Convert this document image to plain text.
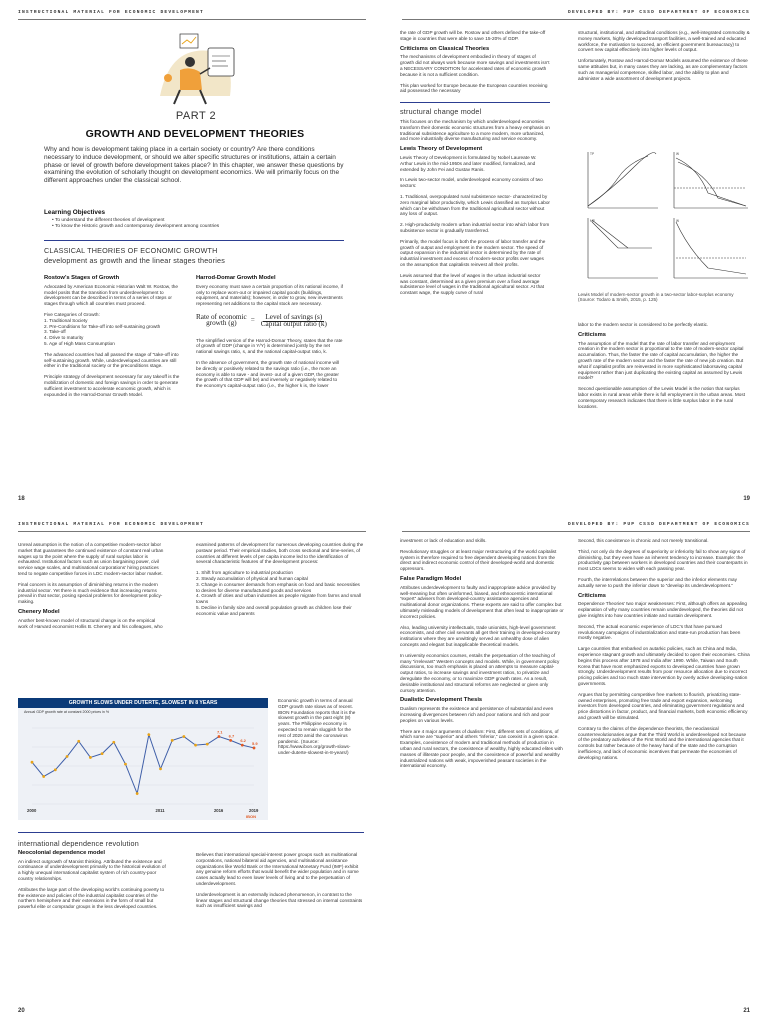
INSTRUCTIONAL MATERIAL FOR ECONOMIC DEVELOPMENT
PART 2
GROWTH AND DEVELOPMENT THEORIES
Why and how is development taking place in a certain society or country? Are there conditions necessary to induce development, or should we alter specific structures or institutions, attain a certain phase or level of growth before development takes place? In this chapter, we answer these questions by examining the evolution of scholarly thought on development economics. We will primarily focus on the different approaches under the classical school.
Learning Objectives
• To understand the different theories of development
• To know the Historic growth and contemporary development among countries
CLASSICAL THEORIES OF ECONOMIC GROWTH
development as growth and the linear stages theories
Rostow’s Stages of Growth

Advocated by American Economic Historian Walt W. Rostow, the model posits that the transition from underdevelopment to development can be described in terms of a series of steps or stages through which all countries must proceed.

Five Categories of Growth:
1. Traditional Society
2. Pre-Conditions for Take-off into self-sustaining growth
3. Take-off
4. Drive to maturity
5. Age of High Mass Consumption

The advanced countries had all passed the stage of “take-off into self-sustaining growth. While, underdeveloped countries are still either in the traditional society or the preconditions stage.

Principle strategy of development necessary for any takeoff is the mobilization of domestic and foreign savings in order to generate sufficient investment to accelerate economic growth, which is expounded in the Harrod-Domar Growth Model.

Harrod-Domar Growth Model

Every economy must save a certain proportion of its national income, if only to replace worn-out or impaired capital goods (buildings, equipment, and materials); however, in order to grow, new investments representing net additions to the capital stock are necessary.

Rate of economic
growth $(g) = \frac{\text{Level of savings (s)}}{\text{Capital output ratio (k)}}$

The simplified version of the Harrod-Domar Theory, states that the rate of growth of GDP (change in Y/Y) is determined jointly by the net national savings ratio, s, and the national capital-output ratio, k.

In the absence of government, the growth rate of national income will be directly or positively related to the savings ratio (i.e., the more an economy is able to save - and invest- out of a given GDP, the greater the growth of that GDP will be) and inversely or negatively related to the economy’s capital-output ratio (i.e., the higher k is, the lower

18
DEVELOPED BY: PUP CSSD DEPARTMENT OF ECONOMICS

the rate of GDP growth will be. Rostow and others defined the take-off stage in countries that were able to save 15-20% of GDP.

Criticisms on Classical Theories

The mechanisms of development embodied in theory of stages of growth did not always work because more savings and investments isn’t a NECESSARY CONDITION for accelerated rates of economic growth because it is not a sufficient condition.

This plan worked for Europe because the European countries receiving aid possessed the necessary

structural change model

This focuses on the mechanism by which underdeveloped economies transform their domestic economic structures from a heavy emphasis on traditional subsistence agriculture to a more modern, more urbanized, and more industrially diverse manufacturing and service economy.

Lewis Theory of Development

Lewis Theory of Development is formulated by Nobel Laureate W. Arthur Lewis in the mid-1950s and later modified, formalized, and extended by John Fei and Gustav Ranis.

In Lewis two-sector model, underdeveloped economy consists of two sectors:

1. Traditional, overpopulated rural subsistence sector- characterized by zero marginal labor productivity, which Lewis classified as Surplus Labor which can be withdrawn from the traditional agricultural sector without any loss of output.

2. High-productivity modern urban industrial sector into which labor from subsistence sector is gradually transferred.

Primarily, the model focus is both the process of labor transfer and the growth of output and employment in the modern sector. The speed of output expansion in the industrial sector is determined by the rate of industrial investment and excess of modern-sector profits over wages on the assumption that capitalists reinvest all their profits.

Lewis assumed that the level of wages in the urban industrial sector was constant, determined as a given premium over a fixed average subsistence level of wages in the traditional agricultural sector. At that constant wage, the supply curve of rural

structural, institutional, and attitudinal conditions (e.g., well-integrated commodity & money markets, highly developed transport facilities, a well-trained and educated workforce, the motivation to succeed, an efficient government bureaucracy) to convert new capital effectively into higher levels of output.

Unfortunately, Rostow and Harrod-Domar Models assumed the existence of these same attitudes but, in many cases they are lacking, as are complementary factors such as managerial competence, skilled labor, and the ability to plan and administer a wide assortment of development projects.

TP	W
MP	W
Lewis Model of modern-sector growth in a two-sector labor-surplus economy (Source: Todaro & Smith, 2015, p. 125)

labor to the modern sector is considered to be perfectly elastic.

Criticisms

The assumption of the model that the rate of labor transfer and employment creation in the modern sector is proportional to the rate of modern-sector capital accumulation. Thus, the faster the rate of capital accumulation, the higher the growth rate of the modern sector and the faster the rate of new job creation. But what if capitalist profits are reinvested in more sophisticated laborsaving capital equipment rather than just duplicating the existing capital as assumed by Lewis model?

Second questionable assumption of the Lewis Model is the notion that surplus labor exists in rural areas while there is full employment in the urban areas. Most contemporary research indicates that there is little surplus labor in the rural locations.

19
INSTRUCTIONAL MATERIAL FOR ECONOMIC DEVELOPMENT

Unreal assumption is the notion of a competitive modern-sector labor market that guarantees the continued existence of constant real urban wages up to the point where the supply of rural surplus labor is exhausted. Institutional factors such as union bargaining power, civil service wage scales, and multinational corporations’ hiring practices tend to negate competitive forces in LDC modern-sector labor market.

Final concern is its assumption of diminishing returns in the modern industrial sector. Yet there is much evidence that increasing returns prevail in that sector, posing special problems for development policy-making.

Chenery Model

Another best-known model of structural change is on the empirical work of Harvard economist Hollis B. Chenery and his colleagues, who

examined patterns of development for numerous developing countries during the postwar period. Their empirical studies, both cross sectional and time-series, of countries at different levels of per capita income led to the identification of several characteristic features of the development process:

1. Shift from agriculture to industrial production
2. Steady accumulation of physical and human capital
3. Change in consumer demands from emphasis on food and basic necessities to desires for diverse manufactured goods and services
4. Growth of cities and urban industries as people migrate from farms and small towns
5. Decline in family size and overall population growth as children lose their economic value and parents
GROWTH SLOWS UNDER DUTERTE, SLOWEST IN 8 YEARS
Annual GDP growth rate at constant 2000 prices in %
2000	2011
7.1
2016
6.7
6.2
5.9
2019
IBON
Economic growth in terms of annual GDP growth rate slows as of recent. IBON Foundation reports that it is the slowest growth in the past eight (8) years. The Philippine economy is expected to remain sluggish for the rest of 2020 amid the coronavirus pandemic. (Source: https://www.ibon.org/growth-slows-under-duterte-slowest-in-8-years/)
international dependence revolution
Neocolonial dependence model

An indirect outgrowth of Marxist thinking. Attributed the existence and continuance of underdevelopment primarily to the historical evolution of a highly unequal international capitalist system of rich country-poor country relationships.

Attributes the large part of the developing world’s continuing poverty to the existence and policies of the industrial capitalist countries of the northern hemisphere and their extensions in the form of small but powerful elite or comprador groups in the less developed countries.

Believes that international special-interest power groups such as multinational corporations, national bilateral aid agencies, and multinational assistance organizations like World Bank or the International Monetary Fund (IMF) exhibit any genuine reform efforts that would benefit the wider population and in some cases actually lead to even lower levels of living and to the perpetuation of underdevelopment.

Underdevelopment is an externally induced phenomenon, in contrast to the linear stages and structural change theories that stressed on internal constraints such as insufficient savings and

20
DEVELOPED BY: PUP CSSD DEPARTMENT OF ECONOMICS

investment or lack of education and skills.

Revolutionary struggles or at least major restructuring of the world capitalist system is therefore required to free dependent developing nations from the direct and indirect economic control of their developed-world and domestic oppressors.

False Paradigm Model

Attributes underdevelopment to faulty and inappropriate advice provided by well-meaning but often uninformed, biased, and ethnocentric international “expert” advisers from developed-country assistance agencies and multinational donor organizations. These experts are said to offer complex but ultimately misleading models of development that often lead to inappropriate or incorrect policies.

Also, leading university intellectuals, trade unionists, high-level government economists, and other civil servants all get their training in developed-country institutions where they are unwittingly served an unhealthy dose of alien concepts and elegant but inapplicable theoretical models.

In university economics courses, entails the perpetuation of the teaching of many “irrelevant” Western concepts and models. While, in government policy discussions, too much emphasis is placed on attempts to measure capital-output ratios, to increase savings and investment ratios, to privatize and deregulate the economy, or to maximize GDP growth rates. As a result, desirable institutional and structural reforms are neglected or given only cursory attention.

Dualistic Development Thesis

Dualism represents the existence and persistence of substantial and even increasing divergences between rich and poor nations and rich and poor peoples on various levels.

There are 4 major arguments of dualism: First, different sets of conditions, of which some are “superior” and others “inferior,” can coexist in a given space. Examples, coexistence of modern and traditional methods of production in urban and rural sectors, the coexistence of wealthy, highly educated elites with masses of illiterate poor people, and the coexistence of powerful and wealthy industrialized nations with weak, impoverished peasant societies in the international economy.

Second, this coexistence is chronic and not merely transitional.

Third, not only do the degrees of superiority or inferiority fail to show any signs of diminishing, but they even have an inherent tendency to increase. Example: the productivity gap between workers in developed countries and their counterparts in most LDCs seems to widen with each passing year.

Fourth, the interrelations between the superior and the inferior elements may actually serve to push the inferior down to “develop its underdevelopment.”

Criticisms

Dependence Theories’ two major weaknesses: First, although offers an appealing explanation of why many countries remain underdeveloped, the theories did not give insights into how countries initiate and sustain development.

Second, The actual economic experience of LDC’s that have pursued revolutionary campaigns of industrialization and state-run production has been mostly negative.

Large countries that embarked on autarkic policies, such as China and India, experience stagnant growth and ultimately decided to open their economies. China begins this process after 1978 and India after 1990. While, Taiwan and South Korea that have most emphasized exports to developed countries have grown strongly. Underdevelopment results from poor resource allocation due to incorrect pricing policies and too much state intervention by overly active developing-nation governments.

Argues that by permitting competitive free markets to flourish, privatizing state-owned enterprises, promoting free trade and export expansion, welcoming investors from developed countries, and eliminating government regulations and price distortions in factor, product, and financial markets, both economic efficiency and growth will be stimulated.

Contrary to the claims of the dependence theorists, the neoclassical counterrevolutionaries argue that the Third World is underdeveloped not because of the predatory activities of the First World and the international agencies that it controls but rather because of the heavy hand of the state and the corruption inefficiency, and lack of economic incentives that permeate the economies of developing nations.

21
